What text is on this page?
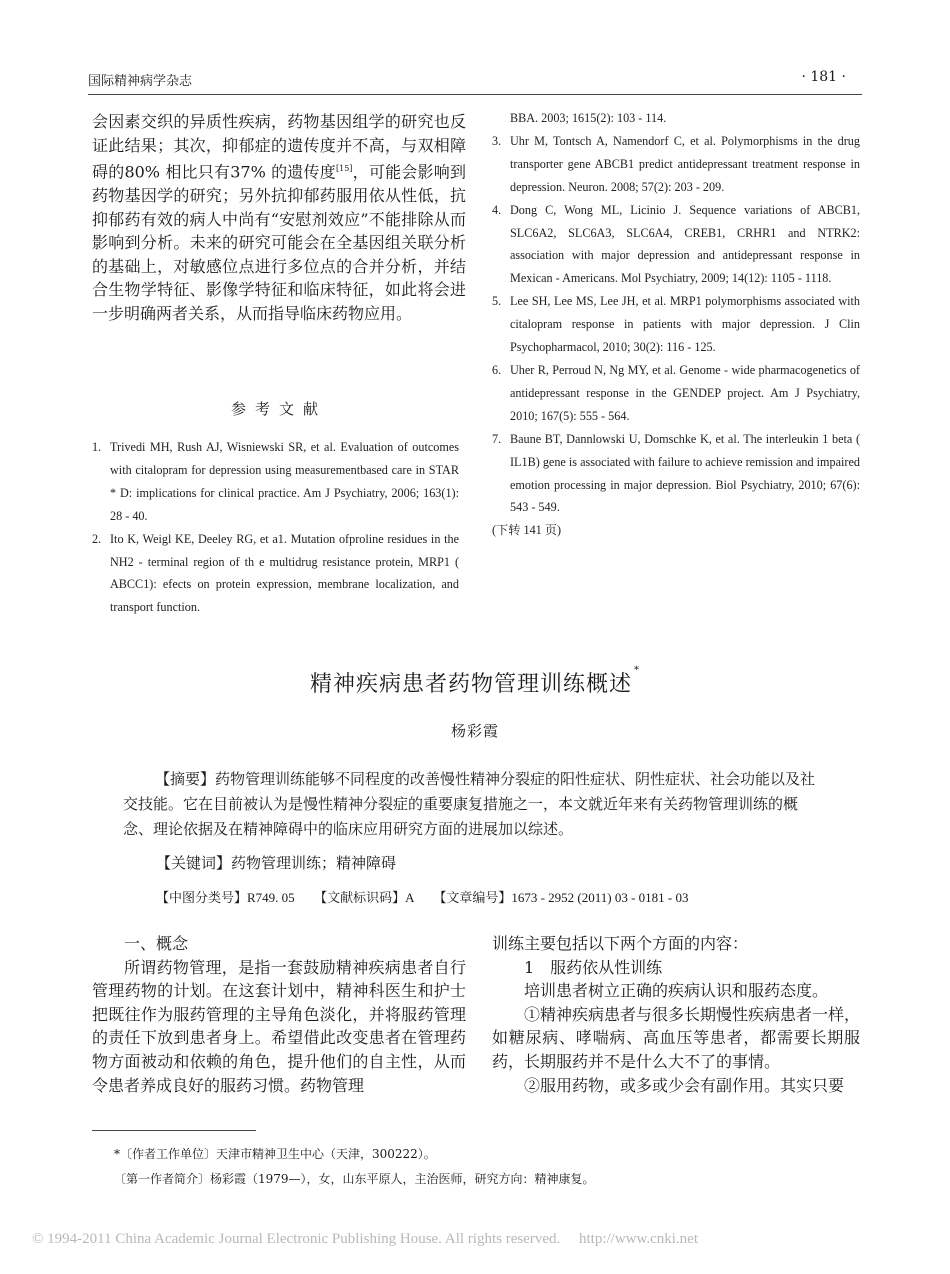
国际精神病学杂志	· 181 ·

会因素交织的异质性疾病，药物基因组学的研究也反证此结果；其次，抑郁症的遗传度并不高，与双相障碍的80% 相比只有37% 的遗传度[15]，可能会影响到药物基因学的研究；另外抗抑郁药服用依从性低，抗抑郁药有效的病人中尚有“安慰剂效应”不能排除从而影响到分析。未来的研究可能会在全基因组关联分析的基础上，对敏感位点进行多位点的合并分析，并结合生物学特征、影像学特征和临床特征，如此将会进一步明确两者关系，从而指导临床药物应用。

参考文献
1. Trivedi MH, Rush AJ, Wisniewski SR, et al. Evaluation of outcomes with citalopram for depression using measurementbased care in STAR * D: implications for clinical practice. Am J Psychiatry, 2006; 163(1): 28 - 40.
2. Ito K, Weigl KE, Deeley RG, et a1. Mutation ofproline residues in the NH2 - terminal region of th e multidrug resistance protein, MRP1 ( ABCC1): efects on protein expression, membrane localization, and transport function.
BBA. 2003; 1615(2): 103 - 114.
3. Uhr M, Tontsch A, Namendorf C, et al. Polymorphisms in the drug transporter gene ABCB1 predict antidepressant treatment response in depression. Neuron. 2008; 57(2): 203 - 209.
4. Dong C, Wong ML, Licinio J. Sequence variations of ABCB1, SLC6A2, SLC6A3, SLC6A4, CREB1, CRHR1 and NTRK2: association with major depression and antidepressant response in Mexican - Americans. Mol Psychiatry, 2009; 14(12): 1105 - 1118.
5. Lee SH, Lee MS, Lee JH, et al. MRP1 polymorphisms associated with citalopram response in patients with major depression. J Clin Psychopharmacol, 2010; 30(2): 116 - 125.
6. Uher R, Perroud N, Ng MY, et al. Genome - wide pharmacogenetics of antidepressant response in the GENDEP project. Am J Psychiatry, 2010; 167(5): 555 - 564.
7. Baune BT, Dannlowski U, Domschke K, et al. The interleukin 1 beta ( IL1B) gene is associated with failure to achieve remission and impaired emotion processing in major depression. Biol Psychiatry, 2010; 67(6): 543 - 549.
(下转 141 页)
精神疾病患者药物管理训练概述*
杨彩霞
【摘要】药物管理训练能够不同程度的改善慢性精神分裂症的阳性症状、阴性症状、社会功能以及社交技能。它在目前被认为是慢性精神分裂症的重要康复措施之一，本文就近年来有关药物管理训练的概念、理论依据及在精神障碍中的临床应用研究方面的进展加以综述。
【关键词】药物管理训练；精神障碍
【中图分类号】R749. 05　　【文献标识码】A　　【文章编号】1673 - 2952 (2011) 03 - 0181 - 03

一、概念

所谓药物管理，是指一套鼓励精神疾病患者自行管理药物的计划。在这套计划中，精神科医生和护士把既往作为服药管理的主导角色淡化，并将服药管理的责任下放到患者身上。希望借此改变患者在管理药物方面被动和依赖的角色，提升他们的自主性，从而令患者养成良好的服药习惯。药物管理

训练主要包括以下两个方面的内容：

1　服药依从性训练

培训患者树立正确的疾病认识和服药态度。

①精神疾病患者与很多长期慢性疾病患者一样，如糖尿病、哮喘病、高血压等患者，都需要长期服药，长期服药并不是什么大不了的事情。

②服用药物，或多或少会有副作用。其实只要

*〔作者工作单位〕天津市精神卫生中心（天津，300222）。
〔第一作者简介〕杨彩霞（1979—），女，山东平原人，主治医师，研究方向：精神康复。
© 1994-2011 China Academic Journal Electronic Publishing House. All rights reserved.　 http://www.cnki.net
